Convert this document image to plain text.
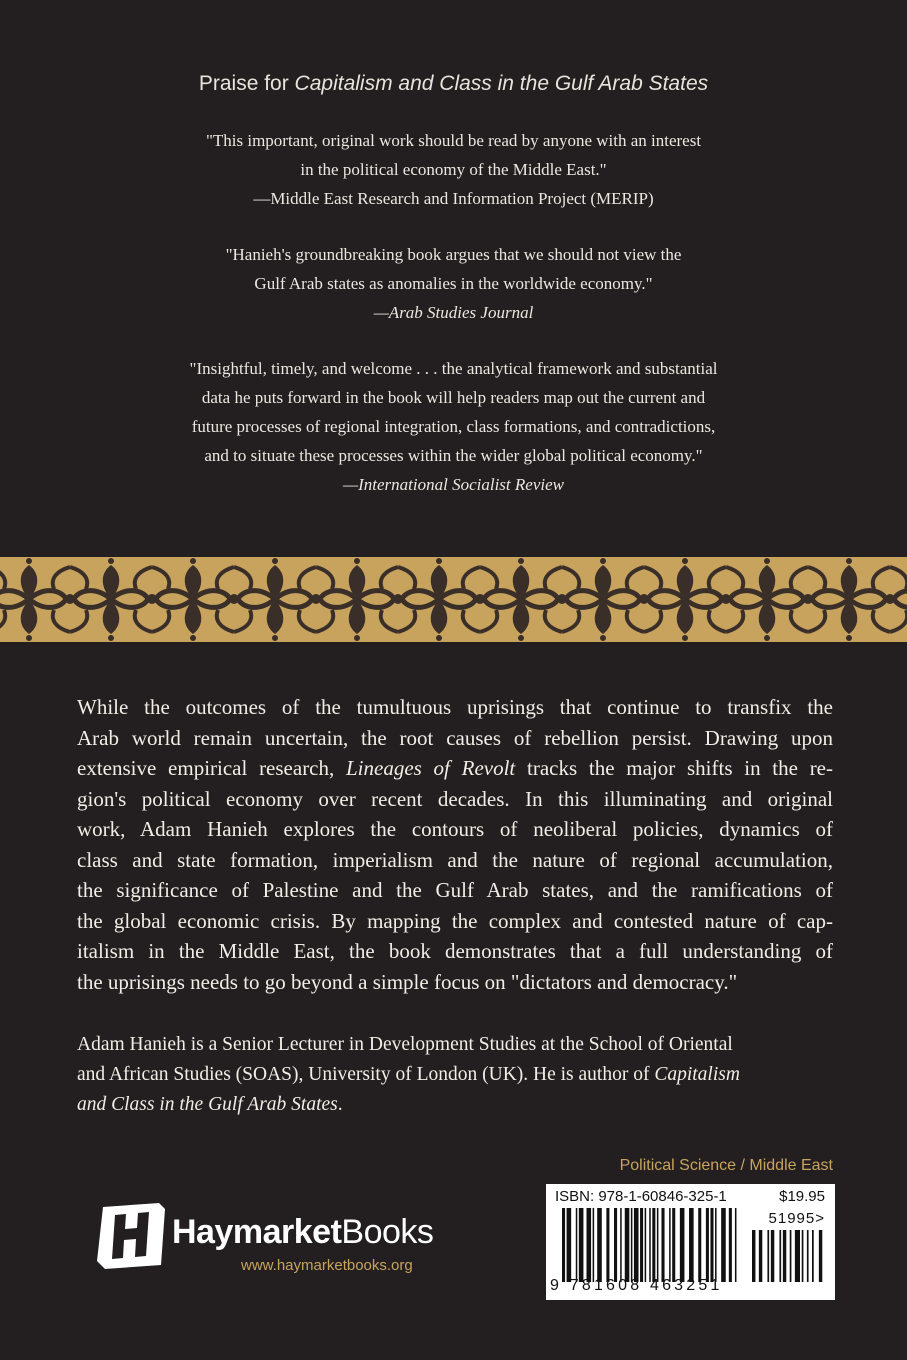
Praise for Capitalism and Class in the Gulf Arab States
"This important, original work should be read by anyone with an interest
in the political economy of the Middle East."
—Middle East Research and Information Project (MERIP)
"Hanieh's groundbreaking book argues that we should not view the
Gulf Arab states as anomalies in the worldwide economy."
—Arab Studies Journal
"Insightful, timely, and welcome . . . the analytical framework and substantial
data he puts forward in the book will help readers map out the current and
future processes of regional integration, class formations, and contradictions,
and to situate these processes within the wider global political economy."
—International Socialist Review
While the outcomes of the tumultuous uprisings that continue to transfix the
Arab world remain uncertain, the root causes of rebellion persist. Drawing upon
extensive empirical research, Lineages of Revolt tracks the major shifts in the re-
gion's political economy over recent decades. In this illuminating and original
work, Adam Hanieh explores the contours of neoliberal policies, dynamics of
class and state formation, imperialism and the nature of regional accumulation,
the significance of Palestine and the Gulf Arab states, and the ramifications of
the global economic crisis. By mapping the complex and contested nature of cap-
italism in the Middle East, the book demonstrates that a full understanding of
the uprisings needs to go beyond a simple focus on "dictators and democracy."
Adam Hanieh is a Senior Lecturer in Development Studies at the School of Oriental
and African Studies (SOAS), University of London (UK). He is author of Capitalism
and Class in the Gulf Arab States.
Political Science / Middle East
ISBN: 978-1-60846-325-1	$19.95
51995>
9 781608 463251
HaymarketBooks
www.haymarketbooks.org
